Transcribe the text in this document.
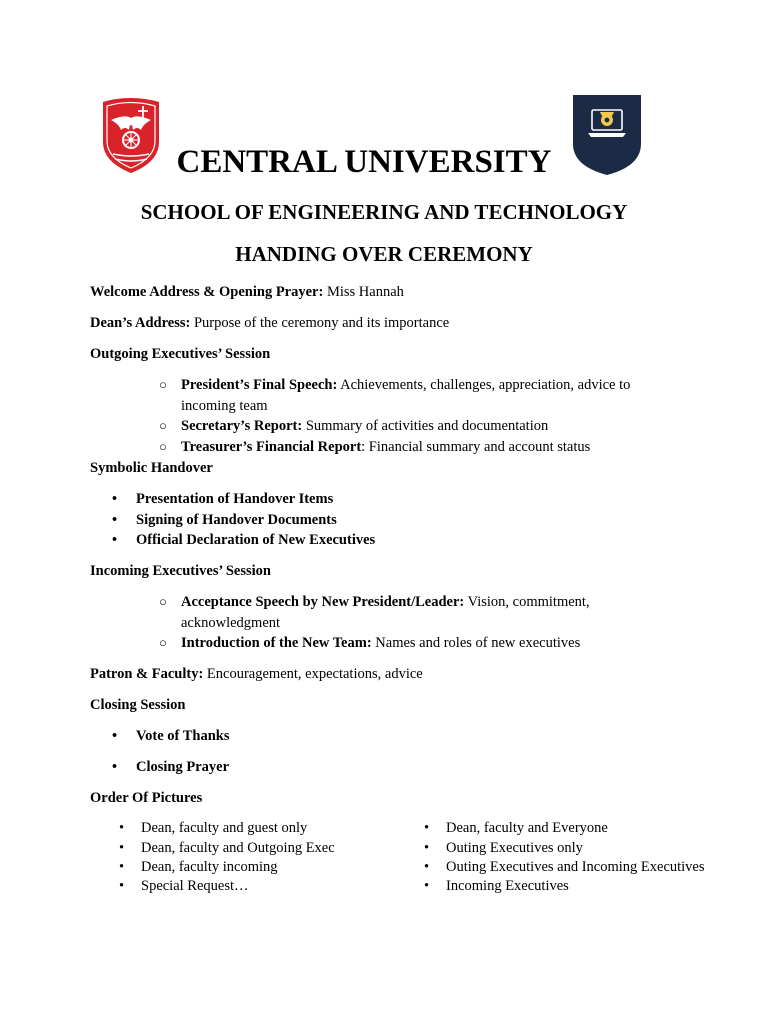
CENTRAL UNIVERSITY
SCHOOL OF ENGINEERING AND TECHNOLOGY
HANDING OVER CEREMONY

Welcome Address & Opening Prayer: Miss Hannah

Dean’s Address: Purpose of the ceremony and its importance

Outgoing Executives’ Session

○ President’s Final Speech: Achievements, challenges, appreciation, advice to incoming team
○ Secretary’s Report: Summary of activities and documentation
○ Treasurer’s Financial Report: Financial summary and account status

Symbolic Handover

• Presentation of Handover Items
• Signing of Handover Documents
• Official Declaration of New Executives

Incoming Executives’ Session

○ Acceptance Speech by New President/Leader: Vision, commitment, acknowledgment
○ Introduction of the New Team: Names and roles of new executives

Patron & Faculty: Encouragement, expectations, advice

Closing Session

• Vote of Thanks
• Closing Prayer

Order Of Pictures

• Dean, faculty and guest only
• Dean, faculty and Outgoing Exec
• Dean, faculty incoming
• Special Request…
• Dean, faculty and Everyone
• Outing Executives only
• Outing Executives and Incoming Executives
• Incoming Executives
